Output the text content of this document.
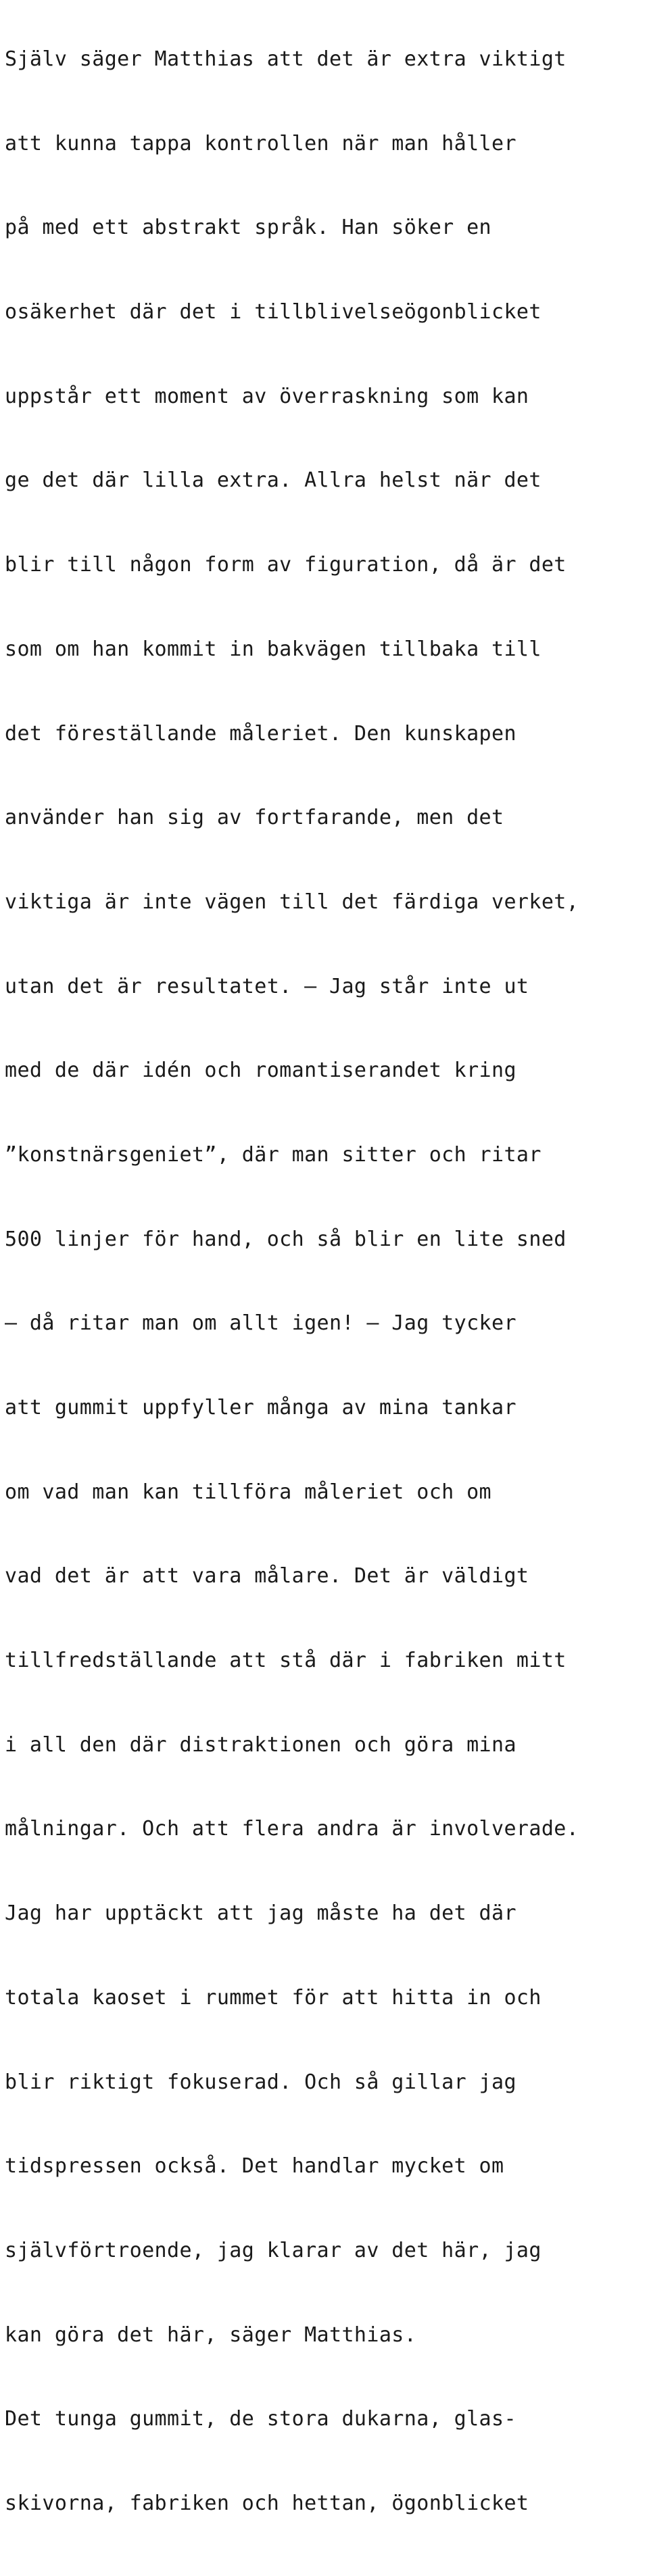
Själv säger Matthias att det är extra viktigt

att kunna tappa kontrollen när man håller

på med ett abstrakt språk. Han söker en

osäkerhet där det i tillblivelseögonblicket

uppstår ett moment av överraskning som kan

ge det där lilla extra. Allra helst när det

blir till någon form av figuration, då är det

som om han kommit in bakvägen tillbaka till

det föreställande måleriet. Den kunskapen

använder han sig av fortfarande, men det

viktiga är inte vägen till det färdiga verket,

utan det är resultatet. – Jag står inte ut

med de där idén och romantiserandet kring

”konstnärsgeniet”, där man sitter och ritar

500 linjer för hand, och så blir en lite sned

– då ritar man om allt igen! – Jag tycker

att gummit uppfyller många av mina tankar

om vad man kan tillföra måleriet och om

vad det är att vara målare. Det är väldigt

tillfredställande att stå där i fabriken mitt

i all den där distraktionen och göra mina

målningar. Och att flera andra är involverade.

Jag har upptäckt att jag måste ha det där

totala kaoset i rummet för att hitta in och

blir riktigt fokuserad. Och så gillar jag

tidspressen också. Det handlar mycket om

självförtroende, jag klarar av det här, jag

kan göra det här, säger Matthias.

Det tunga gummit, de stora dukarna, glas-

skivorna, fabriken och hettan, ögonblicket
